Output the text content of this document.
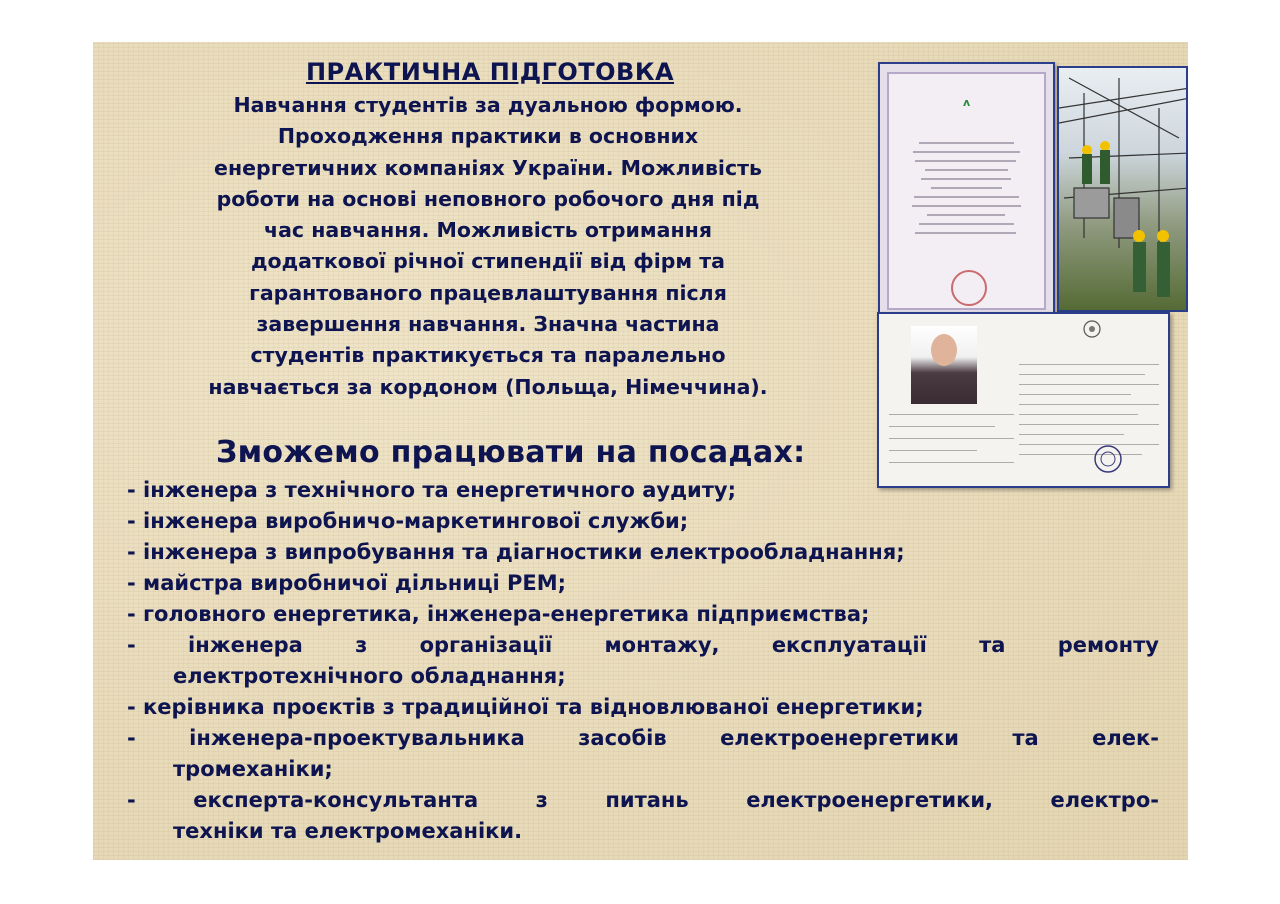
ПРАКТИЧНА ПІДГОТОВКА
Навчання студентів за дуальною формою.
Проходження практики в основних
енергетичних компаніях України. Можливість
роботи на основі неповного робочого дня під
час навчання. Можливість отримання
додаткової річної стипендії від фірм та
гарантованого працевлаштування після
завершення навчання. Значна частина
студентів практикується та паралельно
навчається за кордоном (Польща, Німеччина).
ᴧ
Зможемо працювати на посадах:
- інженера з технічного та енергетичного аудиту;
- інженера виробничо-маркетингової служби;
- інженера з випробування та діагностики електрообладнання;
- майстра виробничої дільниці РЕМ;
- головного енергетика, інженера-енергетика підприємства;
- інженера з організації монтажу, експлуатації та ремонту
електротехнічного обладнання;
- керівника проєктів з традиційної та відновлюваної енергетики;
-	інженера-проектувальника	засобів	електроенергетики	та	елек-
тромеханіки;
-	експерта-консультанта	з	питань	електроенергетики,	електро-
техніки та електромеханіки.
